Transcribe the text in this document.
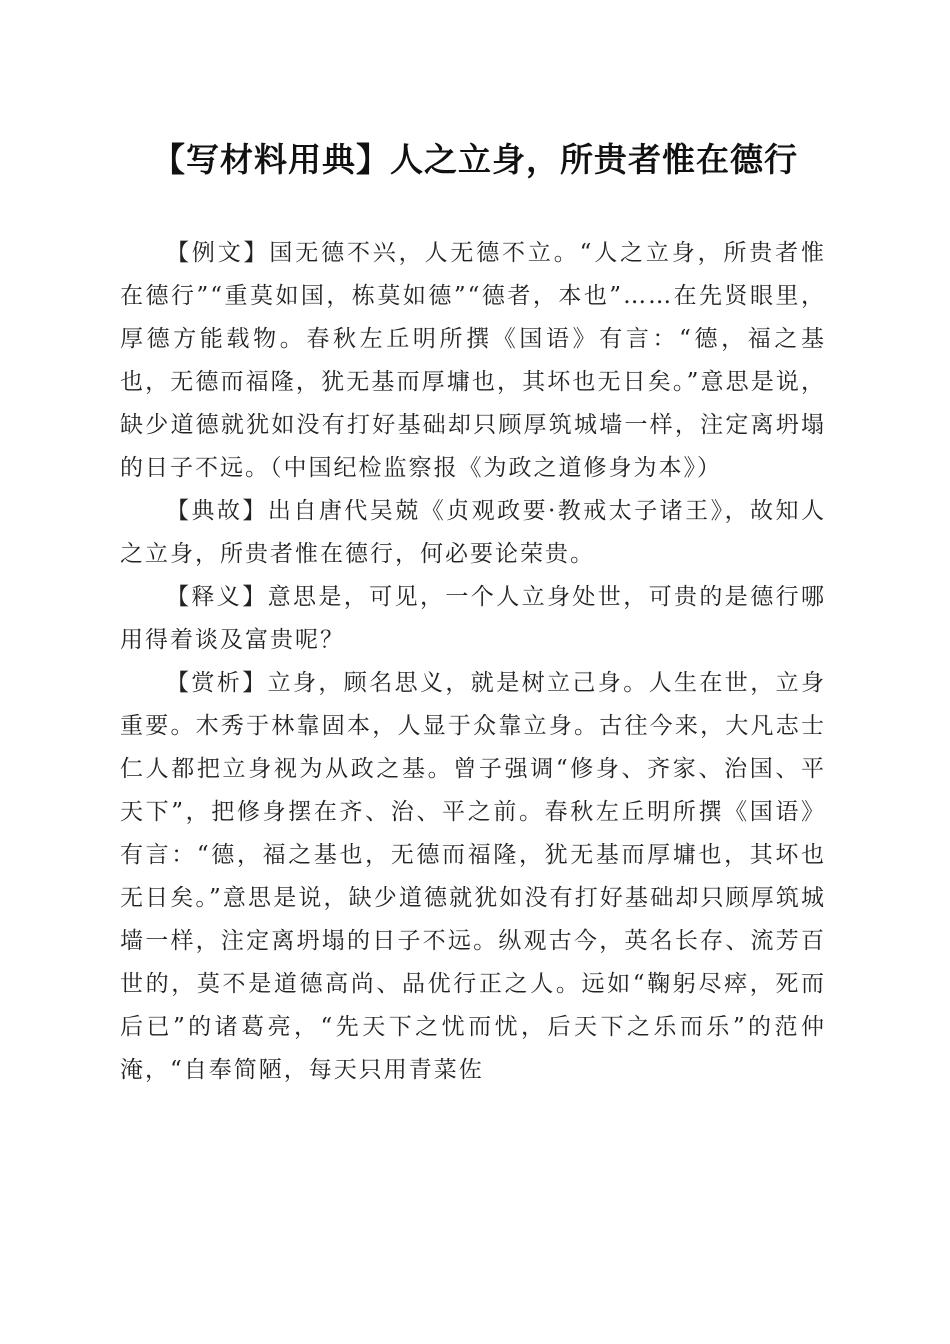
【写材料用典】人之立身，所贵者惟在德行

【例文】国无德不兴，人无德不立。“人之立身，所贵者惟在德行”“重莫如国，栋莫如德”“德者，本也”……在先贤眼里，厚德方能载物。春秋左丘明所撰《国语》有言：“德，福之基也，无德而福隆，犹无基而厚墉也，其坏也无日矣。”意思是说，缺少道德就犹如没有打好基础却只顾厚筑城墙一样，注定离坍塌的日子不远。（中国纪检监察报《为政之道修身为本》）

【典故】出自唐代吴兢《贞观政要·教戒太子诸王》，故知人之立身，所贵者惟在德行，何必要论荣贵。

【释义】意思是，可见，一个人立身处世，可贵的是德行哪用得着谈及富贵呢？

【赏析】立身，顾名思义，就是树立己身。人生在世，立身重要。木秀于林靠固本，人显于众靠立身。古往今来，大凡志士仁人都把立身视为从政之基。曾子强调“修身、齐家、治国、平天下”，把修身摆在齐、治、平之前。春秋左丘明所撰《国语》有言：“德，福之基也，无德而福隆，犹无基而厚墉也，其坏也无日矣。”意思是说，缺少道德就犹如没有打好基础却只顾厚筑城墙一样，注定离坍塌的日子不远。纵观古今，英名长存、流芳百世的，莫不是道德高尚、品优行正之人。远如“鞠躬尽瘁，死而后已”的诸葛亮，“先天下之忧而忧，后天下之乐而乐”的范仲淹，“自奉简陋，每天只用青菜佐
